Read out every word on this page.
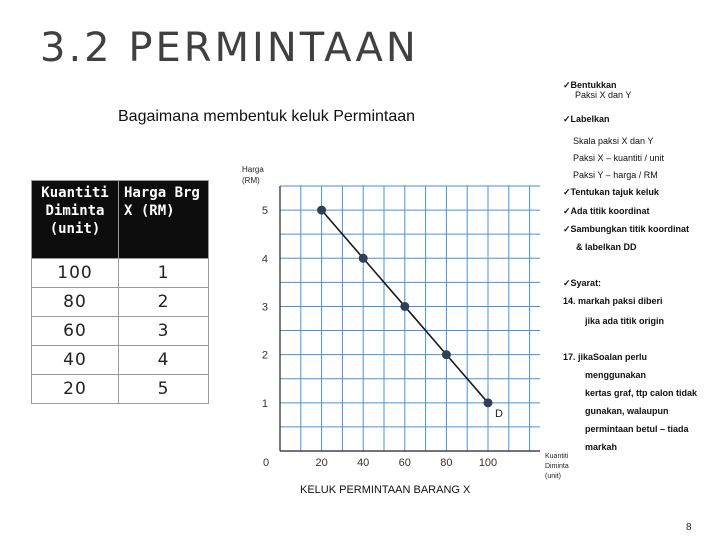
3.2 PERMINTAAN
Bagaimana membentuk keluk Permintaan
Kuantiti Diminta (unit)	Harga Brg X (RM)

100	1
80	2
60	3
40	4
20	5
Harga (RM)
Kuantiti Diminta (unit)
0	20	40	60	80 100
1
2
3
4
5
D
KELUK PERMINTAAN BARANG X
✓Bentukkan
Paksi X dan Y
✓Labelkan
Skala paksi X dan Y
Paksi X – kuantiti / unit
Paksi Y – harga / RM
✓Tentukan tajuk keluk
✓Ada titik koordinat
✓Sambungkan titik koordinat
& labelkan DD
✓Syarat:
14. markah paksi diberi
jika ada titik origin
17. jikaSoalan perlu
menggunakan
kertas graf, ttp calon tidak
gunakan, walaupun
permintaan betul – tiada
markah
8
